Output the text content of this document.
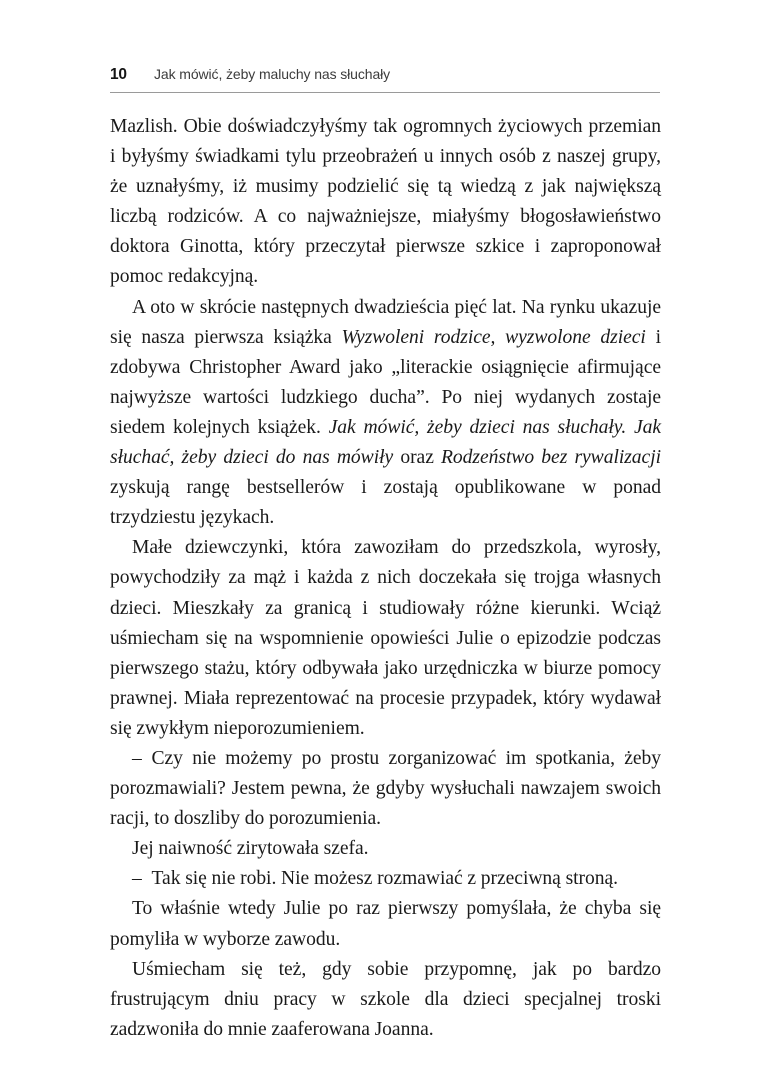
10	Jak mówić, żeby maluchy nas słuchały

Mazlish. Obie doświadczyłyśmy tak ogromnych życiowych przemian i byłyśmy świadkami tylu przeobrażeń u innych osób z naszej grupy, że uznałyśmy, iż musimy podzielić się tą wiedzą z jak największą liczbą rodziców. A co najważniejsze, miałyśmy błogosławieństwo doktora Ginotta, który przeczytał pierwsze szkice i zaproponował pomoc redakcyjną.

A oto w skrócie następnych dwadzieścia pięć lat. Na rynku ukazuje się nasza pierwsza książka Wyzwoleni rodzice, wyzwolone dzieci i zdobywa Christopher Award jako „literackie osiągnięcie afirmujące najwyższe wartości ludzkiego ducha”. Po niej wydanych zostaje siedem kolejnych książek. Jak mówić, żeby dzieci nas słuchały. Jak słuchać, żeby dzieci do nas mówiły oraz Rodzeństwo bez rywalizacji zyskują rangę bestsellerów i zostają opublikowane w ponad trzydziestu językach.

Małe dziewczynki, która zawoziłam do przedszkola, wyrosły, powychodziły za mąż i każda z nich doczekała się trojga własnych dzieci. Mieszkały za granicą i studiowały różne kierunki. Wciąż uśmiecham się na wspomnienie opowieści Julie o epizodzie podczas pierwszego stażu, który odbywała jako urzędniczka w biurze pomocy prawnej. Miała reprezentować na procesie przypadek, który wydawał się zwykłym nieporozumieniem.

– Czy nie możemy po prostu zorganizować im spotkania, żeby porozmawiali? Jestem pewna, że gdyby wysłuchali nawzajem swoich racji, to doszliby do porozumienia.

Jej naiwność zirytowała szefa.

– Tak się nie robi. Nie możesz rozmawiać z przeciwną stroną.

To właśnie wtedy Julie po raz pierwszy pomyślała, że chyba się pomyliła w wyborze zawodu.

Uśmiecham się też, gdy sobie przypomnę, jak po bardzo frustrującym dniu pracy w szkole dla dzieci specjalnej troski zadzwoniła do mnie zaaferowana Joanna.
